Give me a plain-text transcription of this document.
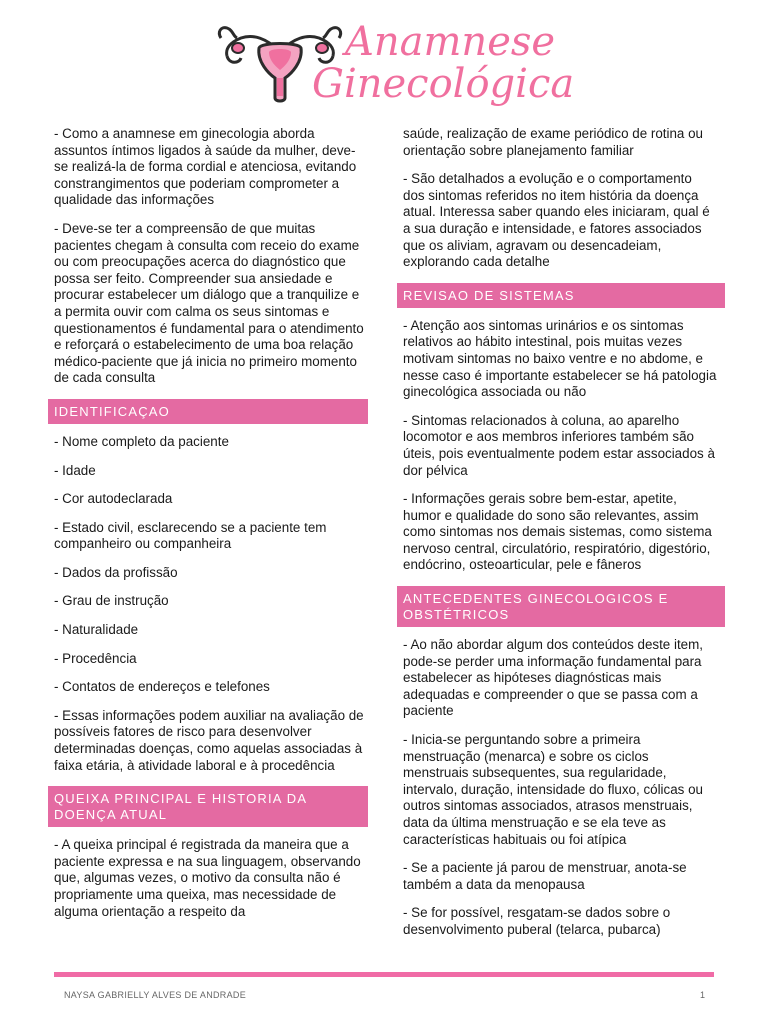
Anamnese
Ginecológica

- Como a anamnese em ginecologia aborda assuntos íntimos ligados à saúde da mulher, deve-se realizá-la de forma cordial e atenciosa, evitando constrangimentos que poderiam comprometer a qualidade das informações

- Deve-se ter a compreensão de que muitas pacientes chegam à consulta com receio do exame ou com preocupações acerca do diagnóstico que possa ser feito. Compreender sua ansiedade e procurar estabelecer um diálogo que a tranquilize e a permita ouvir com calma os seus sintomas e questionamentos é fundamental para o atendimento e reforçará o estabelecimento de uma boa relação médico-paciente que já inicia no primeiro momento de cada consulta

IDENTIFICAÇAO

- Nome completo da paciente

- Idade

- Cor autodeclarada

- Estado civil, esclarecendo se a paciente tem companheiro ou companheira

- Dados da profissão

- Grau de instrução

- Naturalidade

- Procedência

- Contatos de endereços e telefones

- Essas informações podem auxiliar na avaliação de possíveis fatores de risco para desenvolver determinadas doenças, como aquelas associadas à faixa etária, à atividade laboral e à procedência

QUEIXA PRINCIPAL E HISTORIA DA DOENÇA ATUAL

- A queixa principal é registrada da maneira que a paciente expressa e na sua linguagem, observando que, algumas vezes, o motivo da consulta não é propriamente uma queixa, mas necessidade de alguma orientação a respeito da

saúde, realização de exame periódico de rotina ou orientação sobre planejamento familiar

- São detalhados a evolução e o comportamento dos sintomas referidos no item história da doença atual. Interessa saber quando eles iniciaram, qual é a sua duração e intensidade, e fatores associados que os aliviam, agravam ou desencadeiam, explorando cada detalhe

REVISAO DE SISTEMAS

- Atenção aos sintomas urinários e os sintomas relativos ao hábito intestinal, pois muitas vezes motivam sintomas no baixo ventre e no abdome, e nesse caso é importante estabelecer se há patologia ginecológica associada ou não

- Sintomas relacionados à coluna, ao aparelho locomotor e aos membros inferiores também são úteis, pois eventualmente podem estar associados à dor pélvica

- Informações gerais sobre bem-estar, apetite, humor e qualidade do sono são relevantes, assim como sintomas nos demais sistemas, como sistema nervoso central, circulatório, respiratório, digestório, endócrino, osteoarticular, pele e fâneros

ANTECEDENTES GINECOLOGICOS E OBSTÉTRICOS

- Ao não abordar algum dos conteúdos deste item, pode-se perder uma informação fundamental para estabelecer as hipóteses diagnósticas mais adequadas e compreender o que se passa com a paciente

- Inicia-se perguntando sobre a primeira menstruação (menarca) e sobre os ciclos menstruais subsequentes, sua regularidade, intervalo, duração, intensidade do fluxo, cólicas ou outros sintomas associados, atrasos menstruais, data da última menstruação e se ela teve as características habituais ou foi atípica

- Se a paciente já parou de menstruar, anota-se também a data da menopausa

- Se for possível, resgatam-se dados sobre o desenvolvimento puberal (telarca, pubarca)

NAYSA GABRIELLY ALVES DE ANDRADE	1
